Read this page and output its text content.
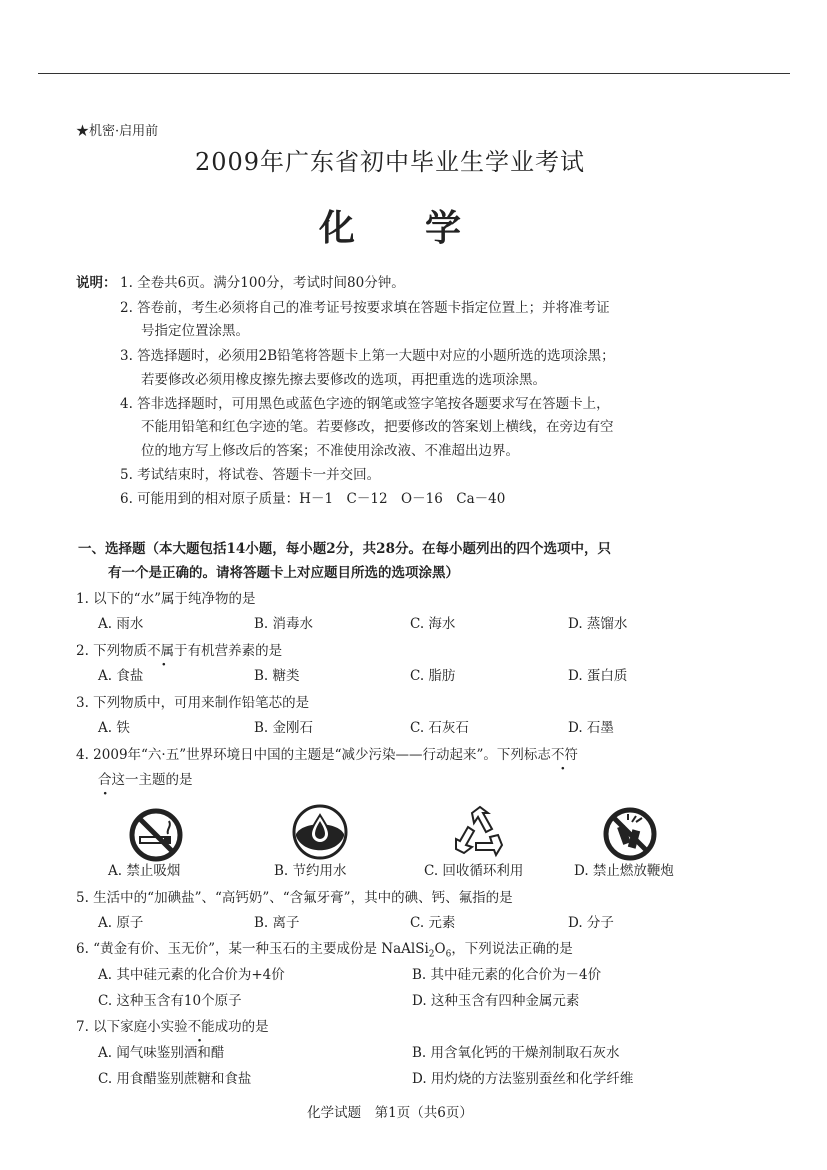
★机密·启用前
2009年广东省初中毕业生学业考试
化学
说明： 1. 全卷共6页。满分100分，考试时间80分钟。
2. 答卷前，考生必须将自己的准考证号按要求填在答题卡指定位置上；并将准考证
号指定位置涂黑。
3. 答选择题时，必须用2B铅笔将答题卡上第一大题中对应的小题所选的选项涂黑；
若要修改必须用橡皮擦先擦去要修改的选项，再把重选的选项涂黑。
4. 答非选择题时，可用黑色或蓝色字迹的钢笔或签字笔按各题要求写在答题卡上，
不能用铅笔和红色字迹的笔。若要修改，把要修改的答案划上横线，在旁边有空
位的地方写上修改后的答案；不准使用涂改液、不准超出边界。
5. 考试结束时，将试卷、答题卡一并交回。
6. 可能用到的相对原子质量：H－1　C－12　O－16　Ca－40
一、选择题（本大题包括14小题，每小题2分，共28分。在每小题列出的四个选项中，只
有一个是正确的。请将答题卡上对应题目所选的选项涂黑）
1. 以下的“水”属于纯净物的是
A. 雨水	B. 消毒水	C. 海水	D. 蒸馏水
2. 下列物质不属于有机营养素的是
A. 食盐	B. 糖类	C. 脂肪	D. 蛋白质
3. 下列物质中，可用来制作铅笔芯的是
A. 铁	B. 金刚石	C. 石灰石	D. 石墨
4. 2009年“六·五”世界环境日中国的主题是“减少污染——行动起来”。下列标志不符
合这一主题的是
A. 禁止吸烟	B. 节约用水	C. 回收循环利用	D. 禁止燃放鞭炮
5. 生活中的“加碘盐”、“高钙奶”、“含氟牙膏”，其中的碘、钙、氟指的是
A. 原子	B. 离子	C. 元素	D. 分子
6. “黄金有价、玉无价”，某一种玉石的主要成份是 $NaAlSi_2O_6$，下列说法正确的是
A. 其中硅元素的化合价为+4价	B. 其中硅元素的化合价为－4价
C. 这种玉含有10个原子	D. 这种玉含有四种金属元素
7. 以下家庭小实验不能成功的是
A. 闻气味鉴别酒和醋	B. 用含氧化钙的干燥剂制取石灰水
C. 用食醋鉴别蔗糖和食盐	D. 用灼烧的方法鉴别蚕丝和化学纤维
化学试题　第1页（共6页）
